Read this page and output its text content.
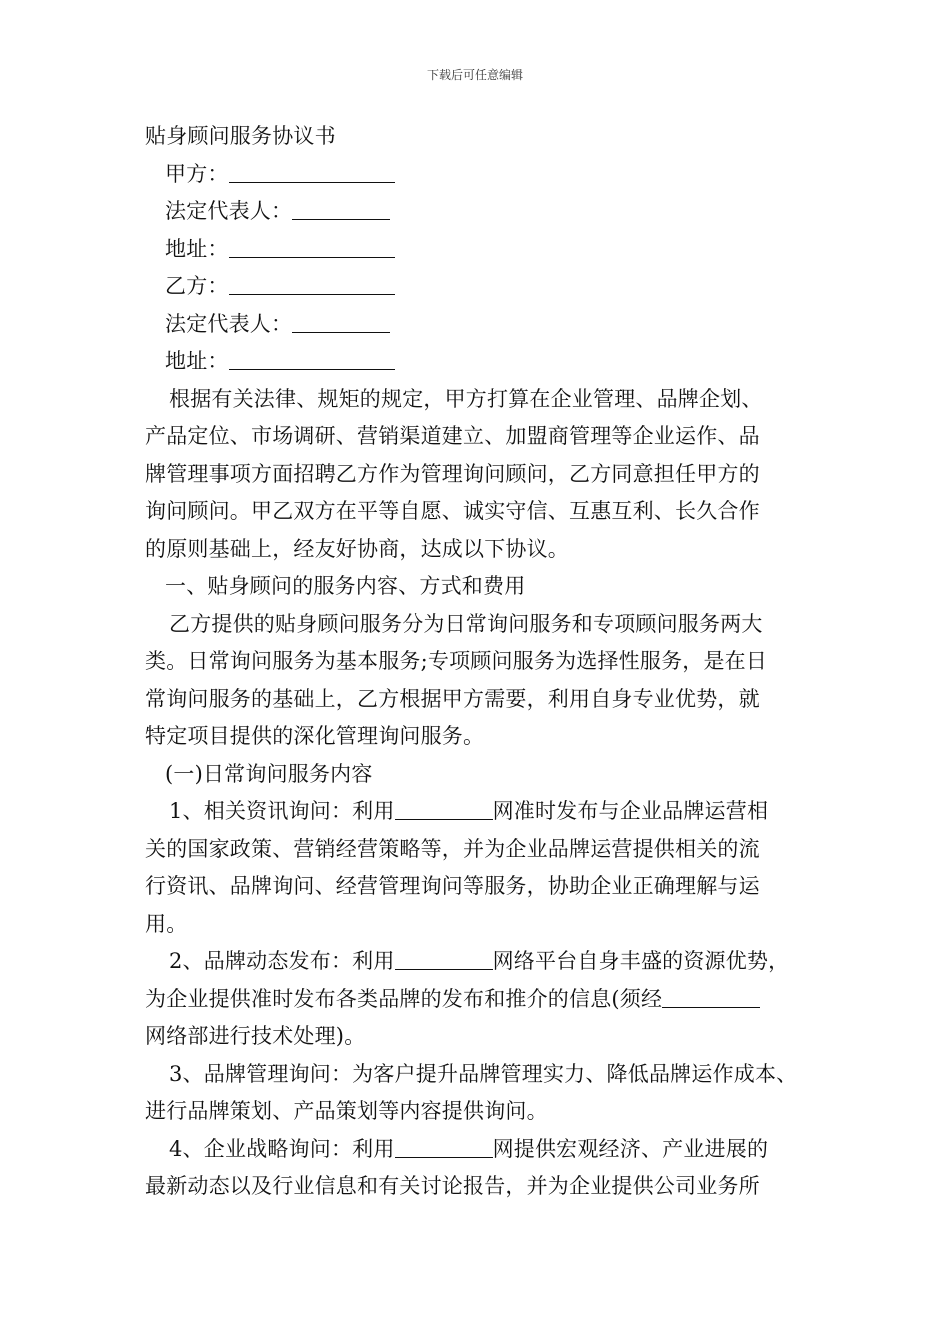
下载后可任意编辑
贴身顾问服务协议书
甲方：
法定代表人：
地址：
乙方：
法定代表人：
地址：
根据有关法律、规矩的规定，甲方打算在企业管理、品牌企划、
产品定位、市场调研、营销渠道建立、加盟商管理等企业运作、品
牌管理事项方面招聘乙方作为管理询问顾问，乙方同意担任甲方的
询问顾问。甲乙双方在平等自愿、诚实守信、互惠互利、长久合作
的原则基础上，经友好协商，达成以下协议。
一、贴身顾问的服务内容、方式和费用
乙方提供的贴身顾问服务分为日常询问服务和专项顾问服务两大
类。日常询问服务为基本服务;专项顾问服务为选择性服务，是在日
常询问服务的基础上，乙方根据甲方需要，利用自身专业优势，就
特定项目提供的深化管理询问服务。
(一)日常询问服务内容
1、相关资讯询问：利用	网准时发布与企业品牌运营相
关的国家政策、营销经营策略等，并为企业品牌运营提供相关的流
行资讯、品牌询问、经营管理询问等服务，协助企业正确理解与运
用。
2、品牌动态发布：利用	网络平台自身丰盛的资源优势，
为企业提供准时发布各类品牌的发布和推介的信息(须经
网络部进行技术处理)。
3、品牌管理询问：为客户提升品牌管理实力、降低品牌运作成本、
进行品牌策划、产品策划等内容提供询问。
4、企业战略询问：利用	网提供宏观经济、产业进展的
最新动态以及行业信息和有关讨论报告，并为企业提供公司业务所
